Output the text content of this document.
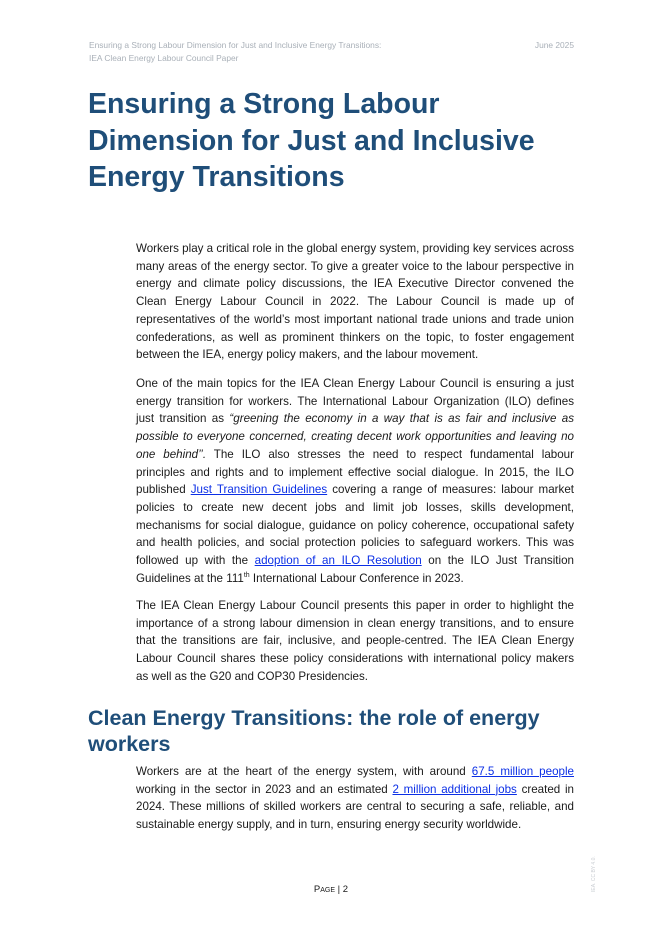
Ensuring a Strong Labour Dimension for Just and Inclusive Energy Transitions:
IEA Clean Energy Labour Council Paper
June 2025
Ensuring a Strong Labour
Dimension for Just and Inclusive
Energy Transitions

Workers play a critical role in the global energy system, providing key services across many areas of the energy sector. To give a greater voice to the labour perspective in energy and climate policy discussions, the IEA Executive Director convened the Clean Energy Labour Council in 2022. The Labour Council is made up of representatives of the world’s most important national trade unions and trade union confederations, as well as prominent thinkers on the topic, to foster engagement between the IEA, energy policy makers, and the labour movement.

One of the main topics for the IEA Clean Energy Labour Council is ensuring a just energy transition for workers. The International Labour Organization (ILO) defines just transition as “greening the economy in a way that is as fair and inclusive as possible to everyone concerned, creating decent work opportunities and leaving no one behind’’. The ILO also stresses the need to respect fundamental labour principles and rights and to implement effective social dialogue. In 2015, the ILO published Just Transition Guidelines covering a range of measures: labour market policies to create new decent jobs and limit job losses, skills development, mechanisms for social dialogue, guidance on policy coherence, occupational safety and health policies, and social protection policies to safeguard workers. This was followed up with the adoption of an ILO Resolution on the ILO Just Transition Guidelines at the 111th International Labour Conference in 2023.

The IEA Clean Energy Labour Council presents this paper in order to highlight the importance of a strong labour dimension in clean energy transitions, and to ensure that the transitions are fair, inclusive, and people-centred. The IEA Clean Energy Labour Council shares these policy considerations with international policy makers as well as the G20 and COP30 Presidencies.

Clean Energy Transitions: the role of energy workers

Workers are at the heart of the energy system, with around 67.5 million people working in the sector in 2023 and an estimated 2 million additional jobs created in 2024. These millions of skilled workers are central to securing a safe, reliable, and sustainable energy supply, and in turn, ensuring energy security worldwide.

IEA. CC BY 4.0.
Page | 2
